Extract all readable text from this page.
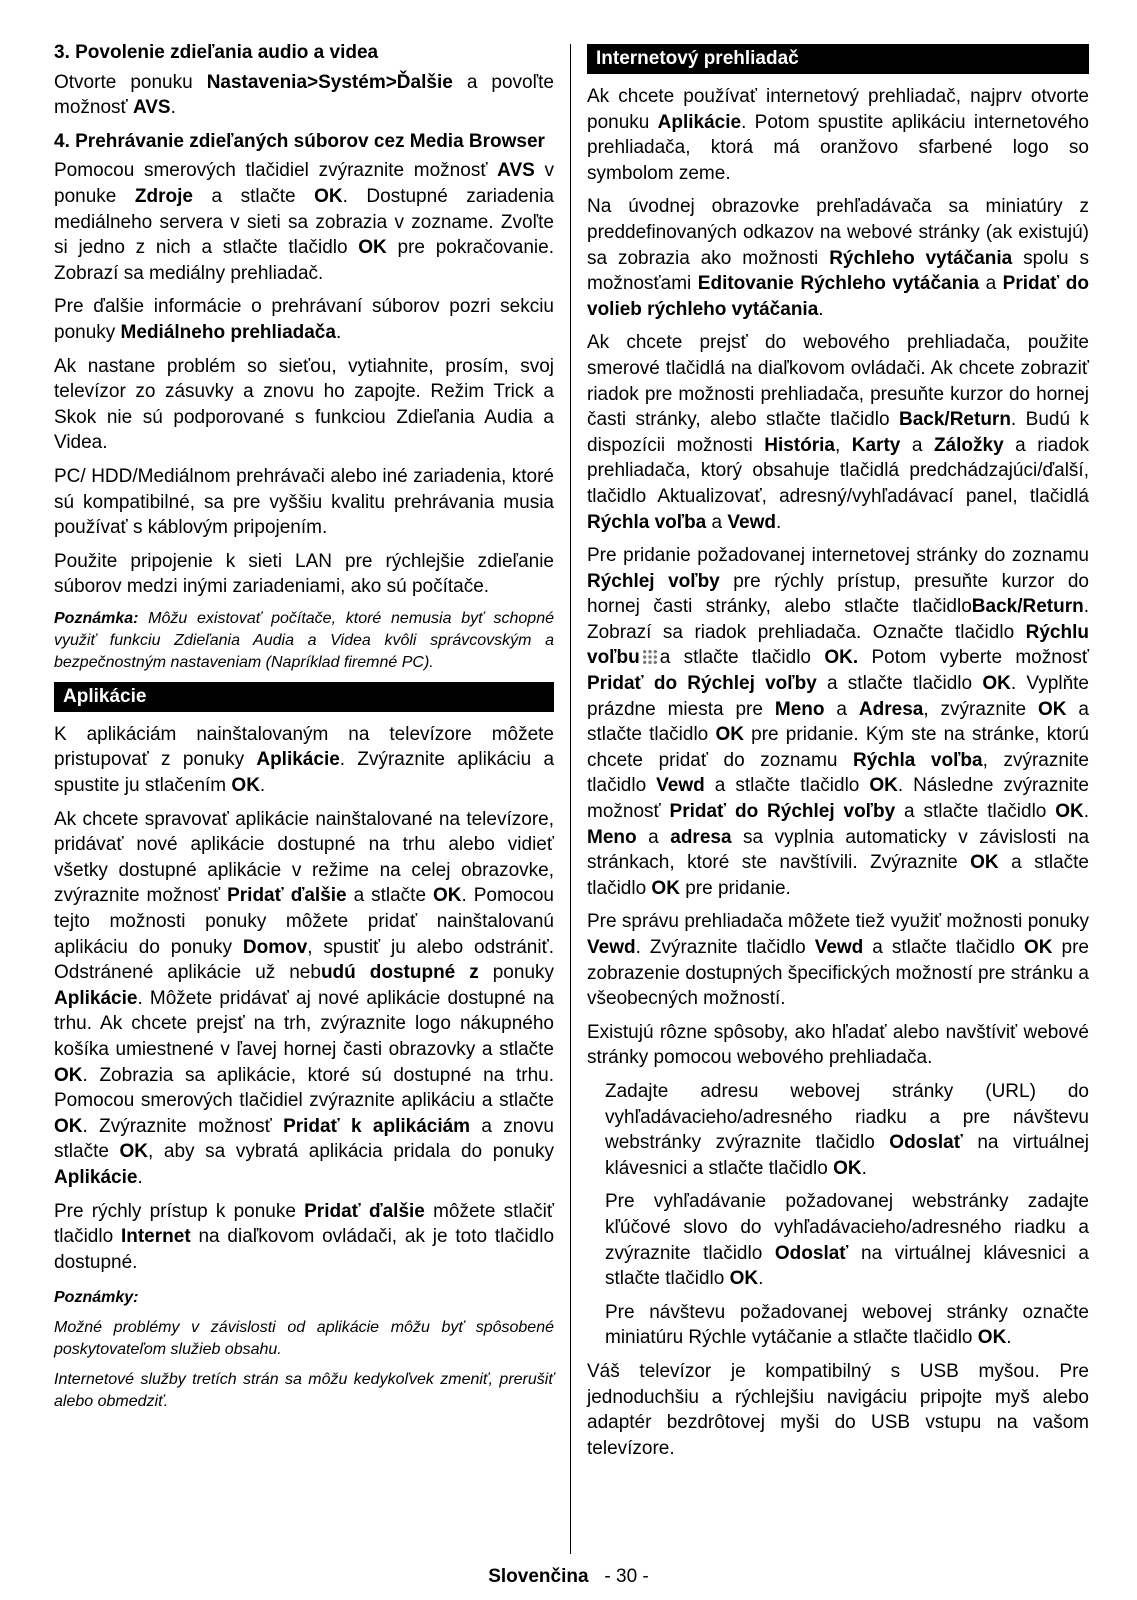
3. Povolenie zdieľania audio a videa

Otvorte ponuku Nastavenia>Systém>Ďalšie a povoľte možnosť AVS.

4. Prehrávanie zdieľaných súborov cez Media Browser

Pomocou smerových tlačidiel zvýraznite možnosť AVS v ponuke Zdroje a stlačte OK. Dostupné zariadenia mediálneho servera v sieti sa zobrazia v zozname. Zvoľte si jedno z nich a stlačte tlačidlo OK pre pokračovanie. Zobrazí sa mediálny prehliadač.

Pre ďalšie informácie o prehrávaní súborov pozri sekciu ponuky Mediálneho prehliadača.

Ak nastane problém so sieťou, vytiahnite, prosím, svoj televízor zo zásuvky a znovu ho zapojte. Režim Trick a Skok nie sú podporované s funkciou Zdieľania Audia a Videa.

PC/ HDD/Mediálnom prehrávači alebo iné zariadenia, ktoré sú kompatibilné, sa pre vyššiu kvalitu prehrávania musia používať s káblovým pripojením.

Použite pripojenie k sieti LAN pre rýchlejšie zdieľanie súborov medzi inými zariadeniami, ako sú počítače.

Poznámka: Môžu existovať počítače, ktoré nemusia byť schopné využiť funkciu Zdieľania Audia a Videa kvôli správcovským a bezpečnostným nastaveniam (Napríklad firemné PC).

Aplikácie

K aplikáciám nainštalovaným na televízore môžete pristupovať z ponuky Aplikácie. Zvýraznite aplikáciu a spustite ju stlačením OK.

Ak chcete spravovať aplikácie nainštalované na televízore, pridávať nové aplikácie dostupné na trhu alebo vidieť všetky dostupné aplikácie v režime na celej obrazovke, zvýraznite možnosť Pridať ďalšie a stlačte OK. Pomocou tejto možnosti ponuky môžete pridať nainštalovanú aplikáciu do ponuky Domov, spustiť ju alebo odstrániť. Odstránené aplikácie už nebudú dostupné z ponuky Aplikácie. Môžete pridávať aj nové aplikácie dostupné na trhu. Ak chcete prejsť na trh, zvýraznite logo nákupného košíka umiestnené v ľavej hornej časti obrazovky a stlačte OK. Zobrazia sa aplikácie, ktoré sú dostupné na trhu. Pomocou smerových tlačidiel zvýraznite aplikáciu a stlačte OK. Zvýraznite možnosť Pridať k aplikáciám a znovu stlačte OK, aby sa vybratá aplikácia pridala do ponuky Aplikácie.

Pre rýchly prístup k ponuke Pridať ďalšie môžete stlačiť tlačidlo Internet na diaľkovom ovládači, ak je toto tlačidlo dostupné.

Poznámky:

Možné problémy v závislosti od aplikácie môžu byť spôsobené poskytovateľom služieb obsahu.

Internetové služby tretích strán sa môžu kedykoľvek zmeniť, prerušiť alebo obmedziť.

Internetový prehliadač

Ak chcete používať internetový prehliadač, najprv otvorte ponuku Aplikácie. Potom spustite aplikáciu internetového prehliadača, ktorá má oranžovo sfarbené logo so symbolom zeme.

Na úvodnej obrazovke prehľadávača sa miniatúry z preddefinovaných odkazov na webové stránky (ak existujú) sa zobrazia ako možnosti Rýchleho vytáčania spolu s možnosťami Editovanie Rýchleho vytáčania a Pridať do volieb rýchleho vytáčania.

Ak chcete prejsť do webového prehliadača, použite smerové tlačidlá na diaľkovom ovládači. Ak chcete zobraziť riadok pre možnosti prehliadača, presuňte kurzor do hornej časti stránky, alebo stlačte tlačidlo Back/Return. Budú k dispozícii možnosti História, Karty a Záložky a riadok prehliadača, ktorý obsahuje tlačidlá predchádzajúci/ďalší, tlačidlo Aktualizovať, adresný/vyhľadávací panel, tlačidlá Rýchla voľba a Vewd.

Pre pridanie požadovanej internetovej stránky do zoznamu Rýchlej voľby pre rýchly prístup, presuňte kurzor do hornej časti stránky, alebo stlačte tlačidloBack/Return. Zobrazí sa riadok prehliadača. Označte tlačidlo Rýchlu voľbu a stlačte tlačidlo OK. Potom vyberte možnosť Pridať do Rýchlej voľby a stlačte tlačidlo OK. Vyplňte prázdne miesta pre Meno a Adresa, zvýraznite OK a stlačte tlačidlo OK pre pridanie. Kým ste na stránke, ktorú chcete pridať do zoznamu Rýchla voľba, zvýraznite tlačidlo Vewd a stlačte tlačidlo OK. Následne zvýraznite možnosť Pridať do Rýchlej voľby a stlačte tlačidlo OK. Meno a adresa sa vyplnia automaticky v závislosti na stránkach, ktoré ste navštívili. Zvýraznite OK a stlačte tlačidlo OK pre pridanie.

Pre správu prehliadača môžete tiež využiť možnosti ponuky Vewd. Zvýraznite tlačidlo Vewd a stlačte tlačidlo OK pre zobrazenie dostupných špecifických možností pre stránku a všeobecných možností.

Existujú rôzne spôsoby, ako hľadať alebo navštíviť webové stránky pomocou webového prehliadača.

Zadajte adresu webovej stránky (URL) do vyhľadávacieho/adresného riadku a pre návštevu webstránky zvýraznite tlačidlo Odoslať na virtuálnej klávesnici a stlačte tlačidlo OK.

Pre vyhľadávanie požadovanej webstránky zadajte kľúčové slovo do vyhľadávacieho/adresného riadku a zvýraznite tlačidlo Odoslať na virtuálnej klávesnici a stlačte tlačidlo OK.

Pre návštevu požadovanej webovej stránky označte miniatúru Rýchle vytáčanie a stlačte tlačidlo OK.

Váš televízor je kompatibilný s USB myšou. Pre jednoduchšiu a rýchlejšiu navigáciu pripojte myš alebo adaptér bezdrôtovej myši do USB vstupu na vašom televízore.

Slovenčina - 30 -
